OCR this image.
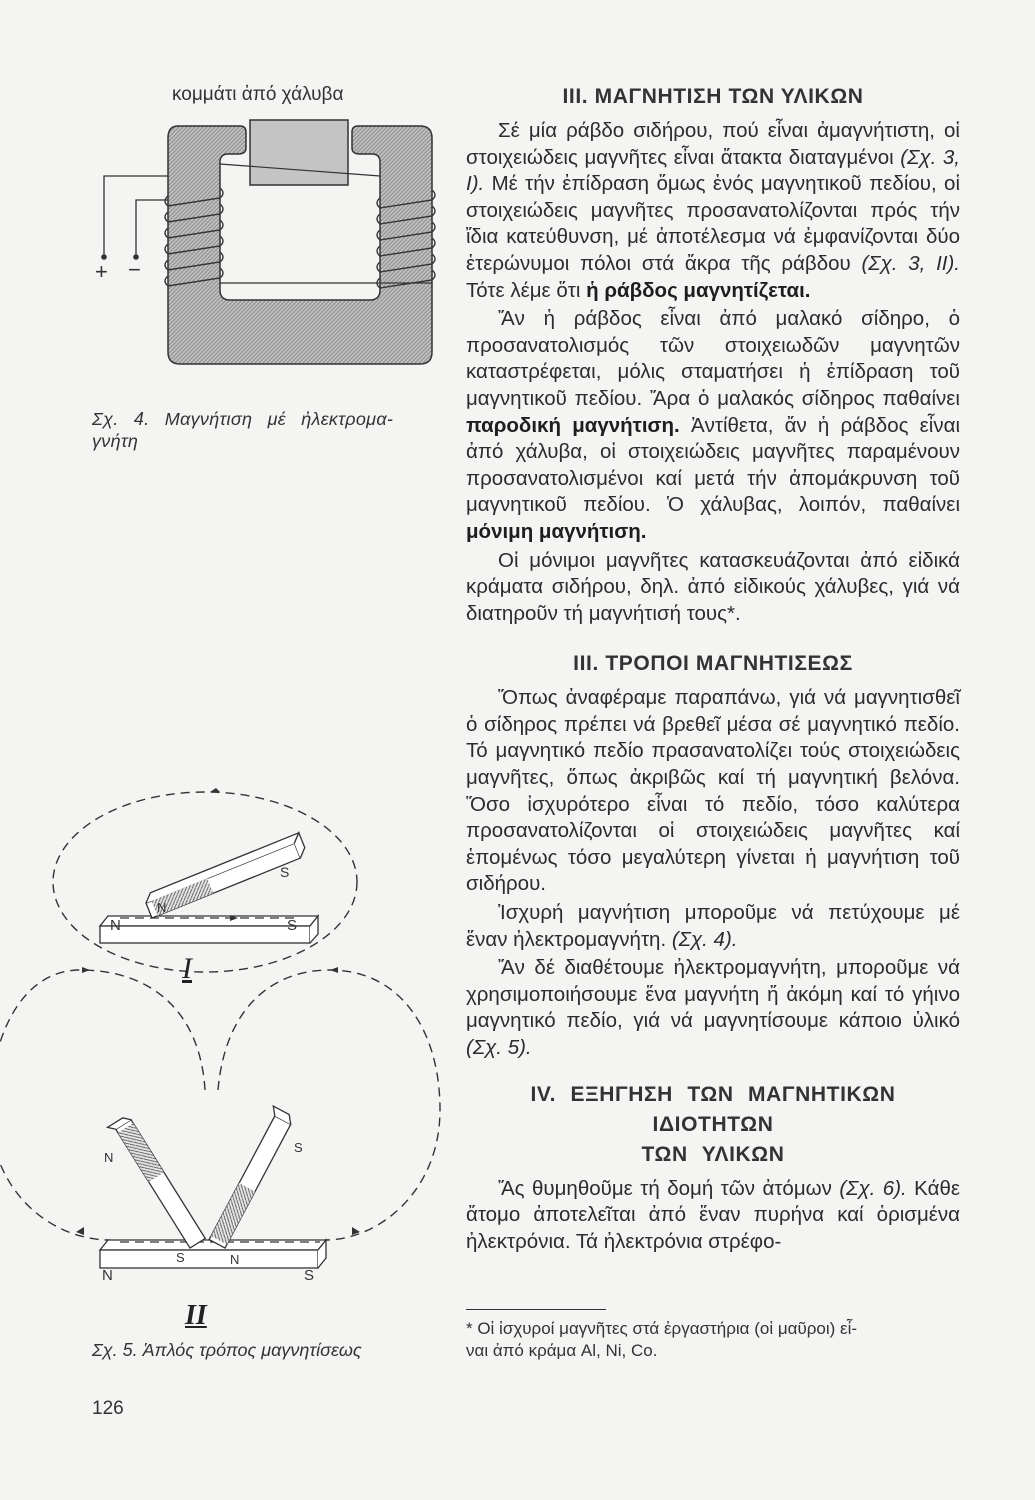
κομμάτι ἀπό χάλυβα
+ −
Σχ. 4. Μαγνήτιση μέ ἠλεκτρομα-
γνήτη
N	S
N
S
I
N	S
N
S	N
S
II
Σχ. 5. Ἁπλός τρόπος μαγνητίσεως
126
III. ΜΑΓΝΗΤΙΣΗ ΤΩΝ ΥΛΙΚΩΝ

Σέ μία ράβδο σιδήρου, πού εἶναι ἀμαγνήτιστη, οἱ στοιχειώδεις μαγνῆτες εἶναι ἄτακτα διαταγμένοι (Σχ. 3, Ι). Μέ τήν ἐπίδραση ὅμως ἑνός μαγνητικοῦ πεδίου, οἱ στοιχειώδεις μαγνῆτες προσανατολίζονται πρός τήν ἴδια κατεύθυνση, μέ ἀποτέλεσμα νά ἐμφανίζονται δύο ἑτερώνυμοι πόλοι στά ἄκρα τῆς ράβδου (Σχ. 3, ΙΙ). Τότε λέμε ὅτι ἡ ράβδος μαγνητίζεται.

Ἄν ἡ ράβδος εἶναι ἀπό μαλακό σίδηρο, ὁ προσανατολισμός τῶν στοιχειωδῶν μαγνητῶν καταστρέφεται, μόλις σταματήσει ἡ ἐπίδραση τοῦ μαγνητικοῦ πεδίου. Ἄρα ὁ μαλακός σίδηρος παθαίνει παροδική μαγνήτιση. Ἀντίθετα, ἄν ἡ ράβδος εἶναι ἀπό χάλυβα, οἱ στοιχειώδεις μαγνῆτες παραμένουν προσανατολισμένοι καί μετά τήν ἀπομάκρυνση τοῦ μαγνητικοῦ πεδίου. Ὁ χάλυβας, λοιπόν, παθαίνει μόνιμη μαγνήτιση.

Οἱ μόνιμοι μαγνῆτες κατασκευάζονται ἀπό εἰδικά κράματα σιδήρου, δηλ. ἀπό εἰδικούς χάλυβες, γιά νά διατηροῦν τή μαγνήτισή τους*.

III. ΤΡΟΠΟΙ ΜΑΓΝΗΤΙΣΕΩΣ

Ὅπως ἀναφέραμε παραπάνω, γιά νά μαγνητισθεῖ ὁ σίδηρος πρέπει νά βρεθεῖ μέσα σέ μαγνητικό πεδίο. Τό μαγνητικό πεδίο πρασανατολίζει τούς στοιχειώδεις μαγνῆτες, ὅπως ἀκριβῶς καί τή μαγνητική βελόνα. Ὅσο ἰσχυρότερο εἶναι τό πεδίο, τόσο καλύτερα προσανατολίζονται οἱ στοιχειώδεις μαγνῆτες καί ἑπομένως τόσο μεγαλύτερη γίνεται ἡ μαγνήτιση τοῦ σιδήρου.

Ἰσχυρή μαγνήτιση μποροῦμε νά πετύχουμε μέ ἕναν ἠλεκτρομαγνήτη. (Σχ. 4).

Ἄν δέ διαθέτουμε ἠλεκτρομαγνήτη, μποροῦμε νά χρησιμοποιήσουμε ἕνα μαγνήτη ἤ ἀκόμη καί τό γήινο μαγνητικό πεδίο, γιά νά μαγνητίσουμε κάποιο ὑλικό (Σχ. 5).

IV. ΕΞΗΓΗΣΗ ΤΩΝ ΜΑΓΝΗΤΙΚΩΝ ΙΔΙΟΤΗΤΩΝ
ΤΩΝ ΥΛΙΚΩΝ

Ἄς θυμηθοῦμε τή δομή τῶν ἀτόμων (Σχ. 6). Κάθε ἄτομο ἀποτελεῖται ἀπό ἕναν πυρήνα καί ὁρισμένα ἠλεκτρόνια. Τά ἠλεκτρόνια στρέφο-

* Οἱ ἰσχυροί μαγνῆτες στά ἐργαστήρια (οἱ μαῦροι) εἶ-
ναι ἀπό κράμα Al, Ni, Co.
